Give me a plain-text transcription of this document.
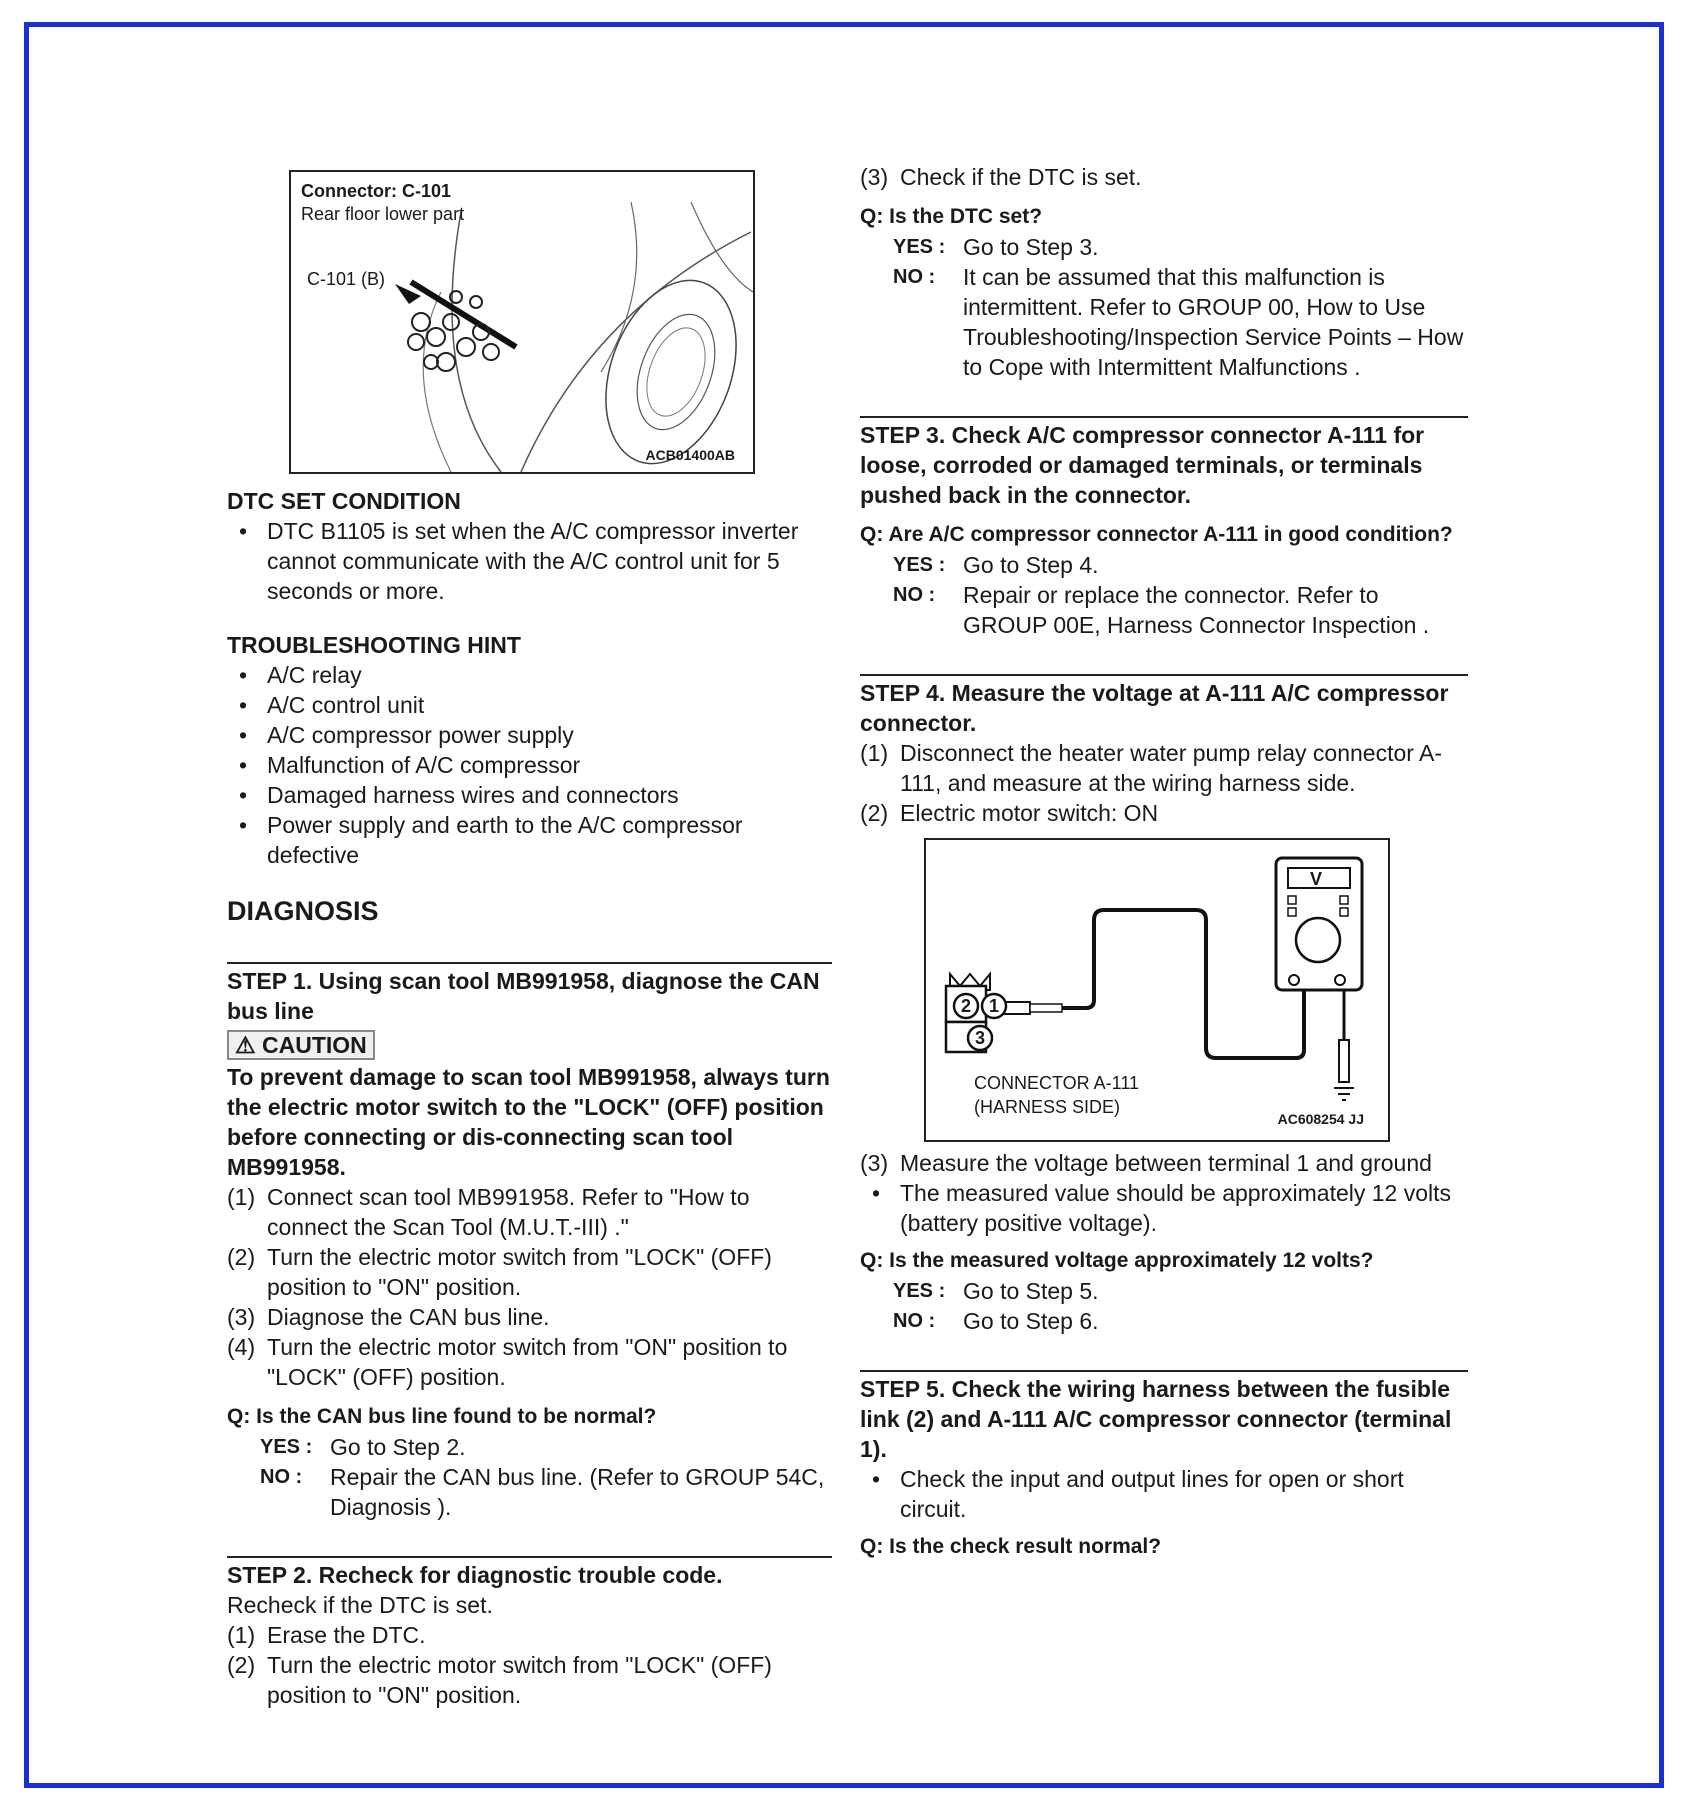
Connector: C-101
Rear floor lower part
C-101 (B)
ACB01400AB
DTC SET CONDITION
• DTC B1105 is set when the A/C compressor inverter cannot communicate with the A/C control unit for 5 seconds or more.
TROUBLESHOOTING HINT
• A/C relay
• A/C control unit
• A/C compressor power supply
• Malfunction of A/C compressor
• Damaged harness wires and connectors
• Power supply and earth to the A/C compressor defective
DIAGNOSIS
STEP 1. Using scan tool MB991958, diagnose the CAN bus line
⚠ CAUTION
To prevent damage to scan tool MB991958, always turn the electric motor switch to the "LOCK" (OFF) position before connecting or dis-connecting scan tool MB991958.
(1) Connect scan tool MB991958. Refer to "How to connect the Scan Tool (M.U.T.-III) ."
(2) Turn the electric motor switch from "LOCK" (OFF) position to "ON" position.
(3) Diagnose the CAN bus line.
(4) Turn the electric motor switch from "ON" position to "LOCK" (OFF) position.
Q: Is the CAN bus line found to be normal?
YES : Go to Step 2.
NO : Repair the CAN bus line. (Refer to GROUP 54C, Diagnosis ).
STEP 2. Recheck for diagnostic trouble code.
Recheck if the DTC is set.
(1) Erase the DTC.
(2) Turn the electric motor switch from "LOCK" (OFF) position to "ON" position.
(3) Check if the DTC is set.
Q: Is the DTC set?
YES : Go to Step 3.
NO : It can be assumed that this malfunction is intermittent. Refer to GROUP 00, How to Use Troubleshooting/Inspection Service Points – How to Cope with Intermittent Malfunctions .
STEP 3. Check A/C compressor connector A-111 for loose, corroded or damaged terminals, or terminals pushed back in the connector.
Q: Are A/C compressor connector A-111 in good condition?
YES : Go to Step 4.
NO : Repair or replace the connector. Refer to GROUP 00E, Harness Connector Inspection .
STEP 4. Measure the voltage at A-111 A/C compressor connector.
(1) Disconnect the heater water pump relay connector A-111, and measure at the wiring harness side.
(2) Electric motor switch: ON
V
2 1
3
CONNECTOR A-111
(HARNESS SIDE)
AC608254 JJ
(3) Measure the voltage between terminal 1 and ground
• The measured value should be approximately 12 volts (battery positive voltage).
Q: Is the measured voltage approximately 12 volts?
YES : Go to Step 5.
NO : Go to Step 6.
STEP 5. Check the wiring harness between the fusible link (2) and A-111 A/C compressor connector (terminal 1).
• Check the input and output lines for open or short circuit.
Q: Is the check result normal?
